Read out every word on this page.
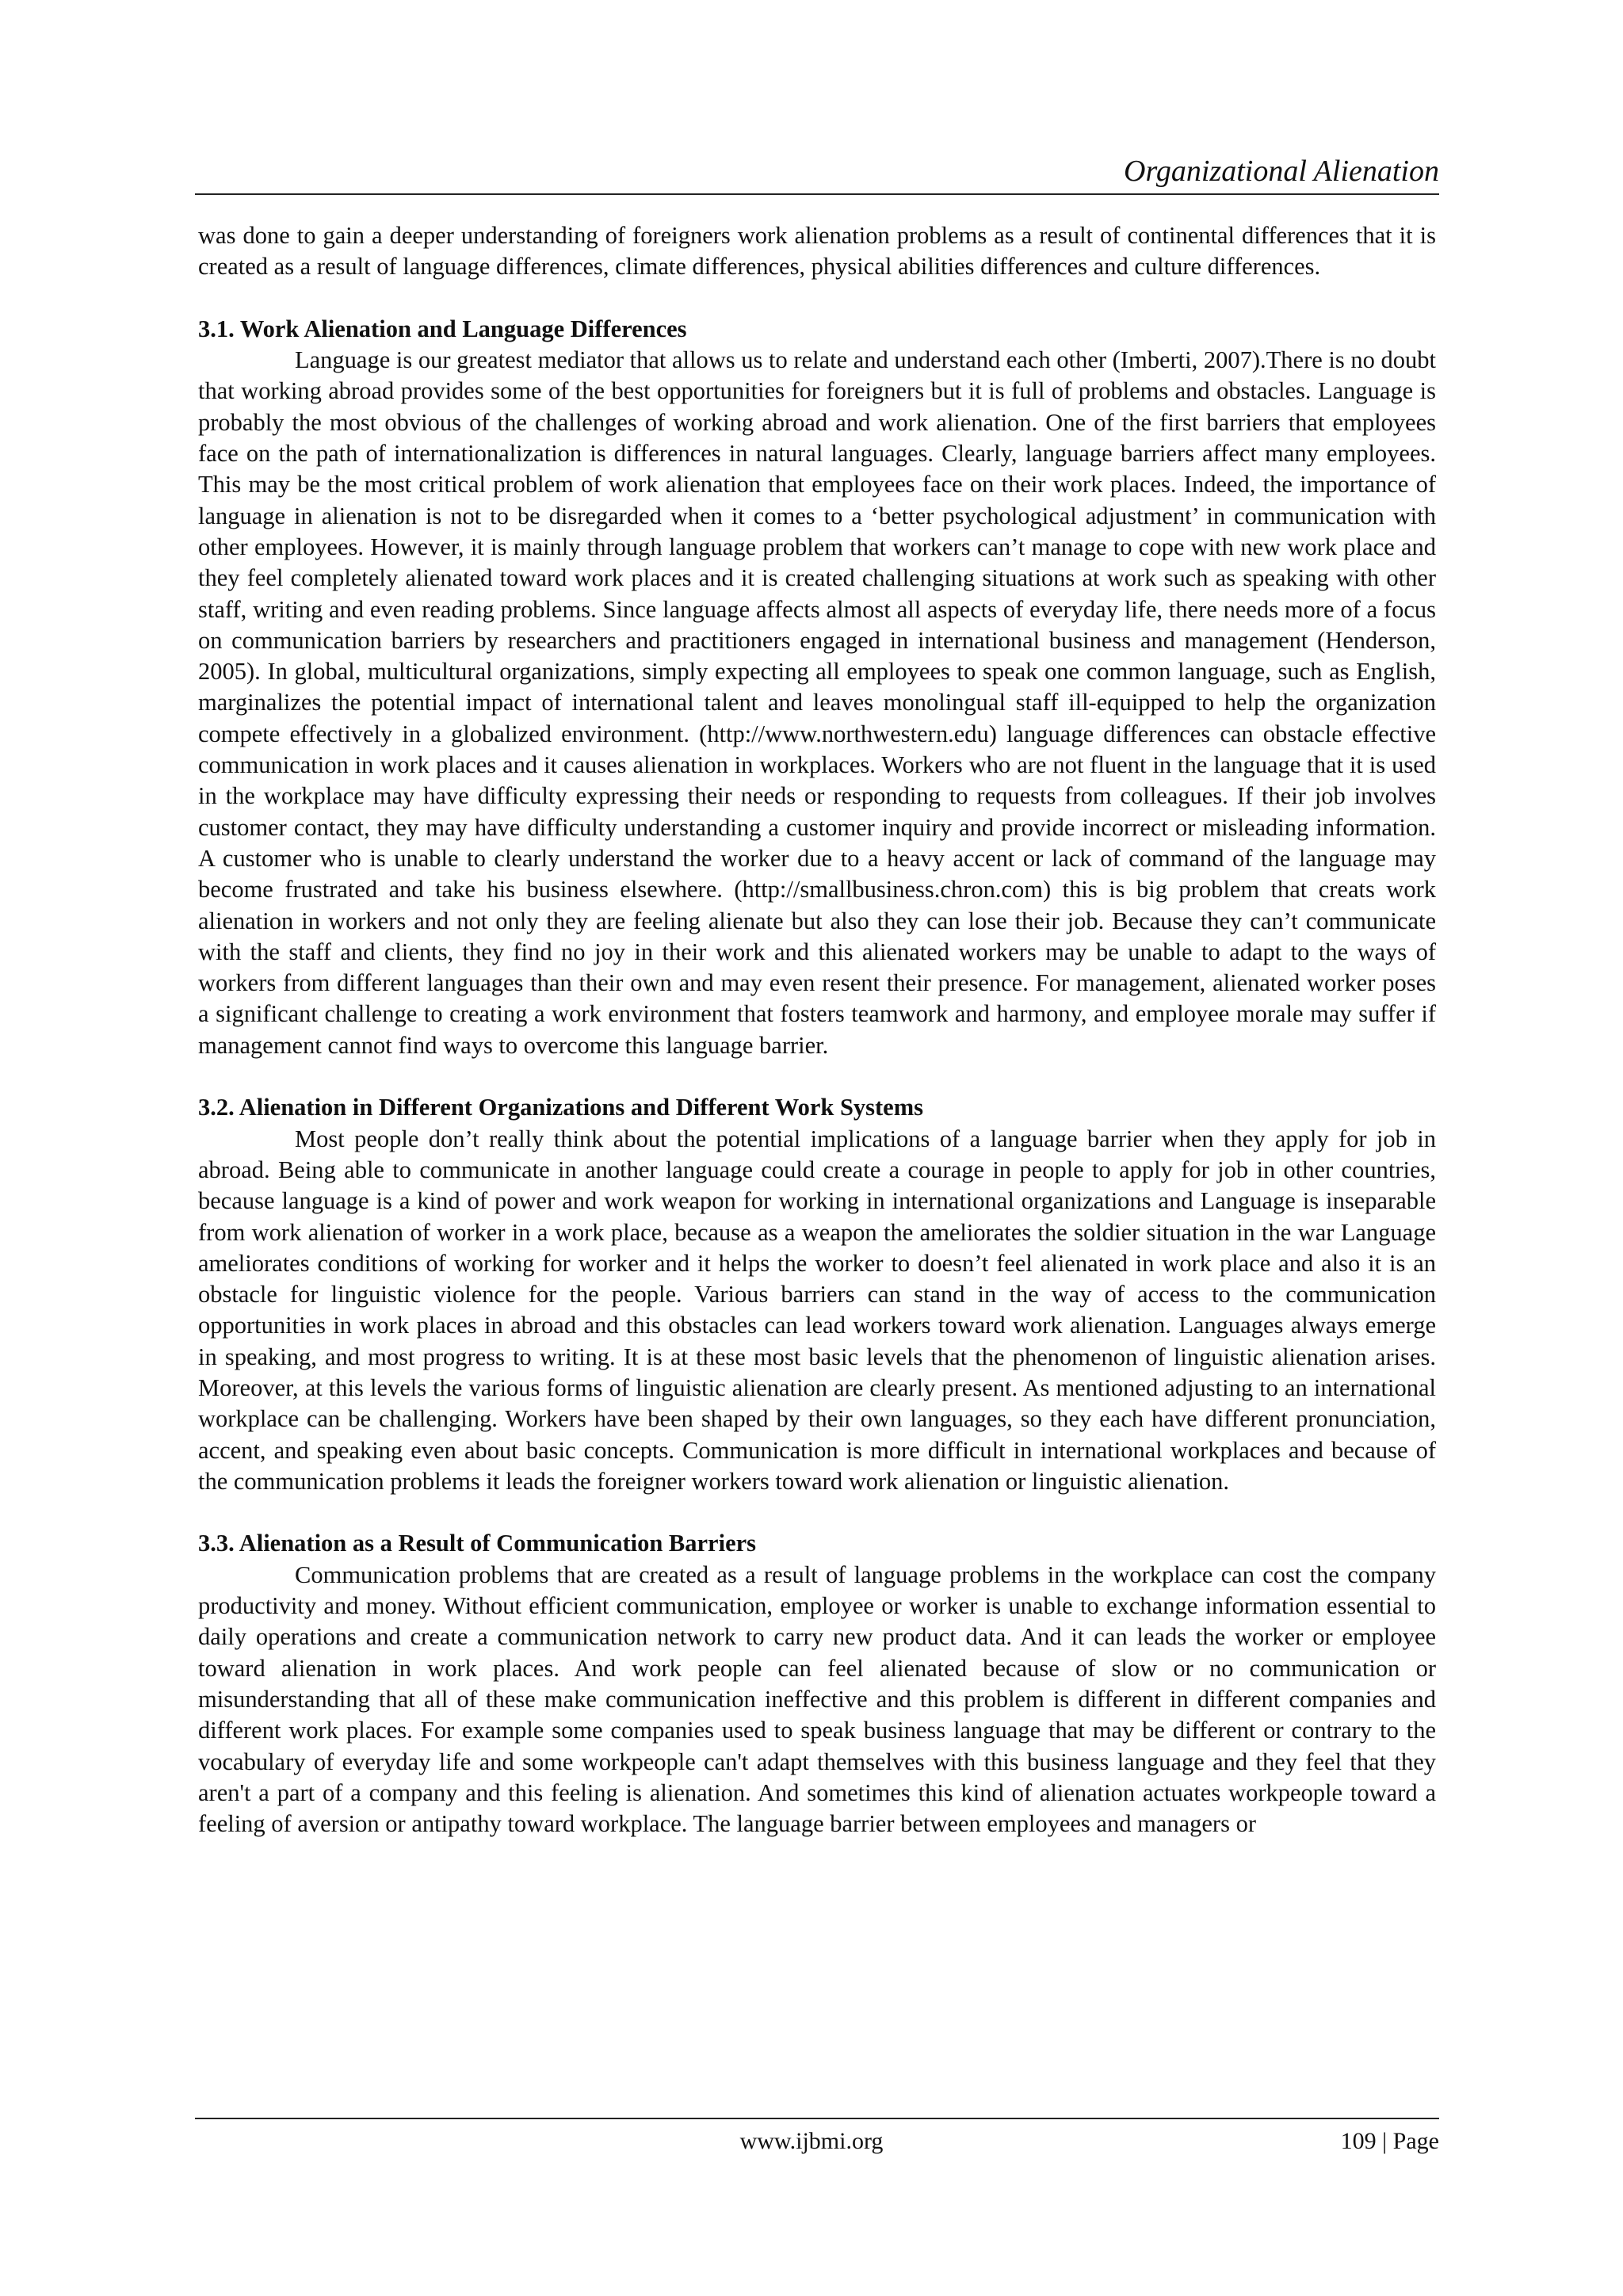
Organizational Alienation

was done to gain a deeper understanding of foreigners work alienation problems as a result of continental differences that it is created as a result of language differences, climate differences, physical abilities differences and culture differences.

3.1. Work Alienation and Language Differences

Language is our greatest mediator that allows us to relate and understand each other (Imberti, 2007).There is no doubt that working abroad provides some of the best opportunities for foreigners but it is full of problems and obstacles. Language is probably the most obvious of the challenges of working abroad and work alienation. One of the first barriers that employees face on the path of internationalization is differences in natural languages. Clearly, language barriers affect many employees. This may be the most critical problem of work alienation that employees face on their work places. Indeed, the importance of language in alienation is not to be disregarded when it comes to a ‘better psychological adjustment’ in communication with other employees. However, it is mainly through language problem that workers can’t manage to cope with new work place and they feel completely alienated toward work places and it is created challenging situations at work such as speaking with other staff, writing and even reading problems. Since language affects almost all aspects of everyday life, there needs more of a focus on communication barriers by researchers and practitioners engaged in international business and management (Henderson, 2005). In global, multicultural organizations, simply expecting all employees to speak one common language, such as English, marginalizes the potential impact of international talent and leaves monolingual staff ill-equipped to help the organization compete effectively in a globalized environment. (http://www.northwestern.edu) language differences can obstacle effective communication in work places and it causes alienation in workplaces. Workers who are not fluent in the language that it is used in the workplace may have difficulty expressing their needs or responding to requests from colleagues. If their job involves customer contact, they may have difficulty understanding a customer inquiry and provide incorrect or misleading information. A customer who is unable to clearly understand the worker due to a heavy accent or lack of command of the language may become frustrated and take his business elsewhere. (http://smallbusiness.chron.com) this is big problem that creats work alienation in workers and not only they are feeling alienate but also they can lose their job. Because they can’t communicate with the staff and clients, they find no joy in their work and this alienated workers may be unable to adapt to the ways of workers from different languages than their own and may even resent their presence. For management, alienated worker poses a significant challenge to creating a work environment that fosters teamwork and harmony, and employee morale may suffer if management cannot find ways to overcome this language barrier.

3.2. Alienation in Different Organizations and Different Work Systems

Most people don’t really think about the potential implications of a language barrier when they apply for job in abroad. Being able to communicate in another language could create a courage in people to apply for job in other countries, because language is a kind of power and work weapon for working in international organizations and Language is inseparable from work alienation of worker in a work place, because as a weapon the ameliorates the soldier situation in the war Language ameliorates conditions of working for worker and it helps the worker to doesn’t feel alienated in work place and also it is an obstacle for linguistic violence for the people. Various barriers can stand in the way of access to the communication opportunities in work places in abroad and this obstacles can lead workers toward work alienation. Languages always emerge in speaking, and most progress to writing. It is at these most basic levels that the phenomenon of linguistic alienation arises. Moreover, at this levels the various forms of linguistic alienation are clearly present. As mentioned adjusting to an international workplace can be challenging. Workers have been shaped by their own languages, so they each have different pronunciation, accent, and speaking even about basic concepts. Communication is more difficult in international workplaces and because of the communication problems it leads the foreigner workers toward work alienation or linguistic alienation.

3.3. Alienation as a Result of Communication Barriers

Communication problems that are created as a result of language problems in the workplace can cost the company productivity and money. Without efficient communication, employee or worker is unable to exchange information essential to daily operations and create a communication network to carry new product data. And it can leads the worker or employee toward alienation in work places. And work people can feel alienated because of slow or no communication or misunderstanding that all of these make communication ineffective and this problem is different in different companies and different work places. For example some companies used to speak business language that may be different or contrary to the vocabulary of everyday life and some workpeople can't adapt themselves with this business language and they feel that they aren't a part of a company and this feeling is alienation. And sometimes this kind of alienation actuates workpeople toward a feeling of aversion or antipathy toward workplace. The language barrier between employees and managers or

www.ijbmi.org	109 | Page
